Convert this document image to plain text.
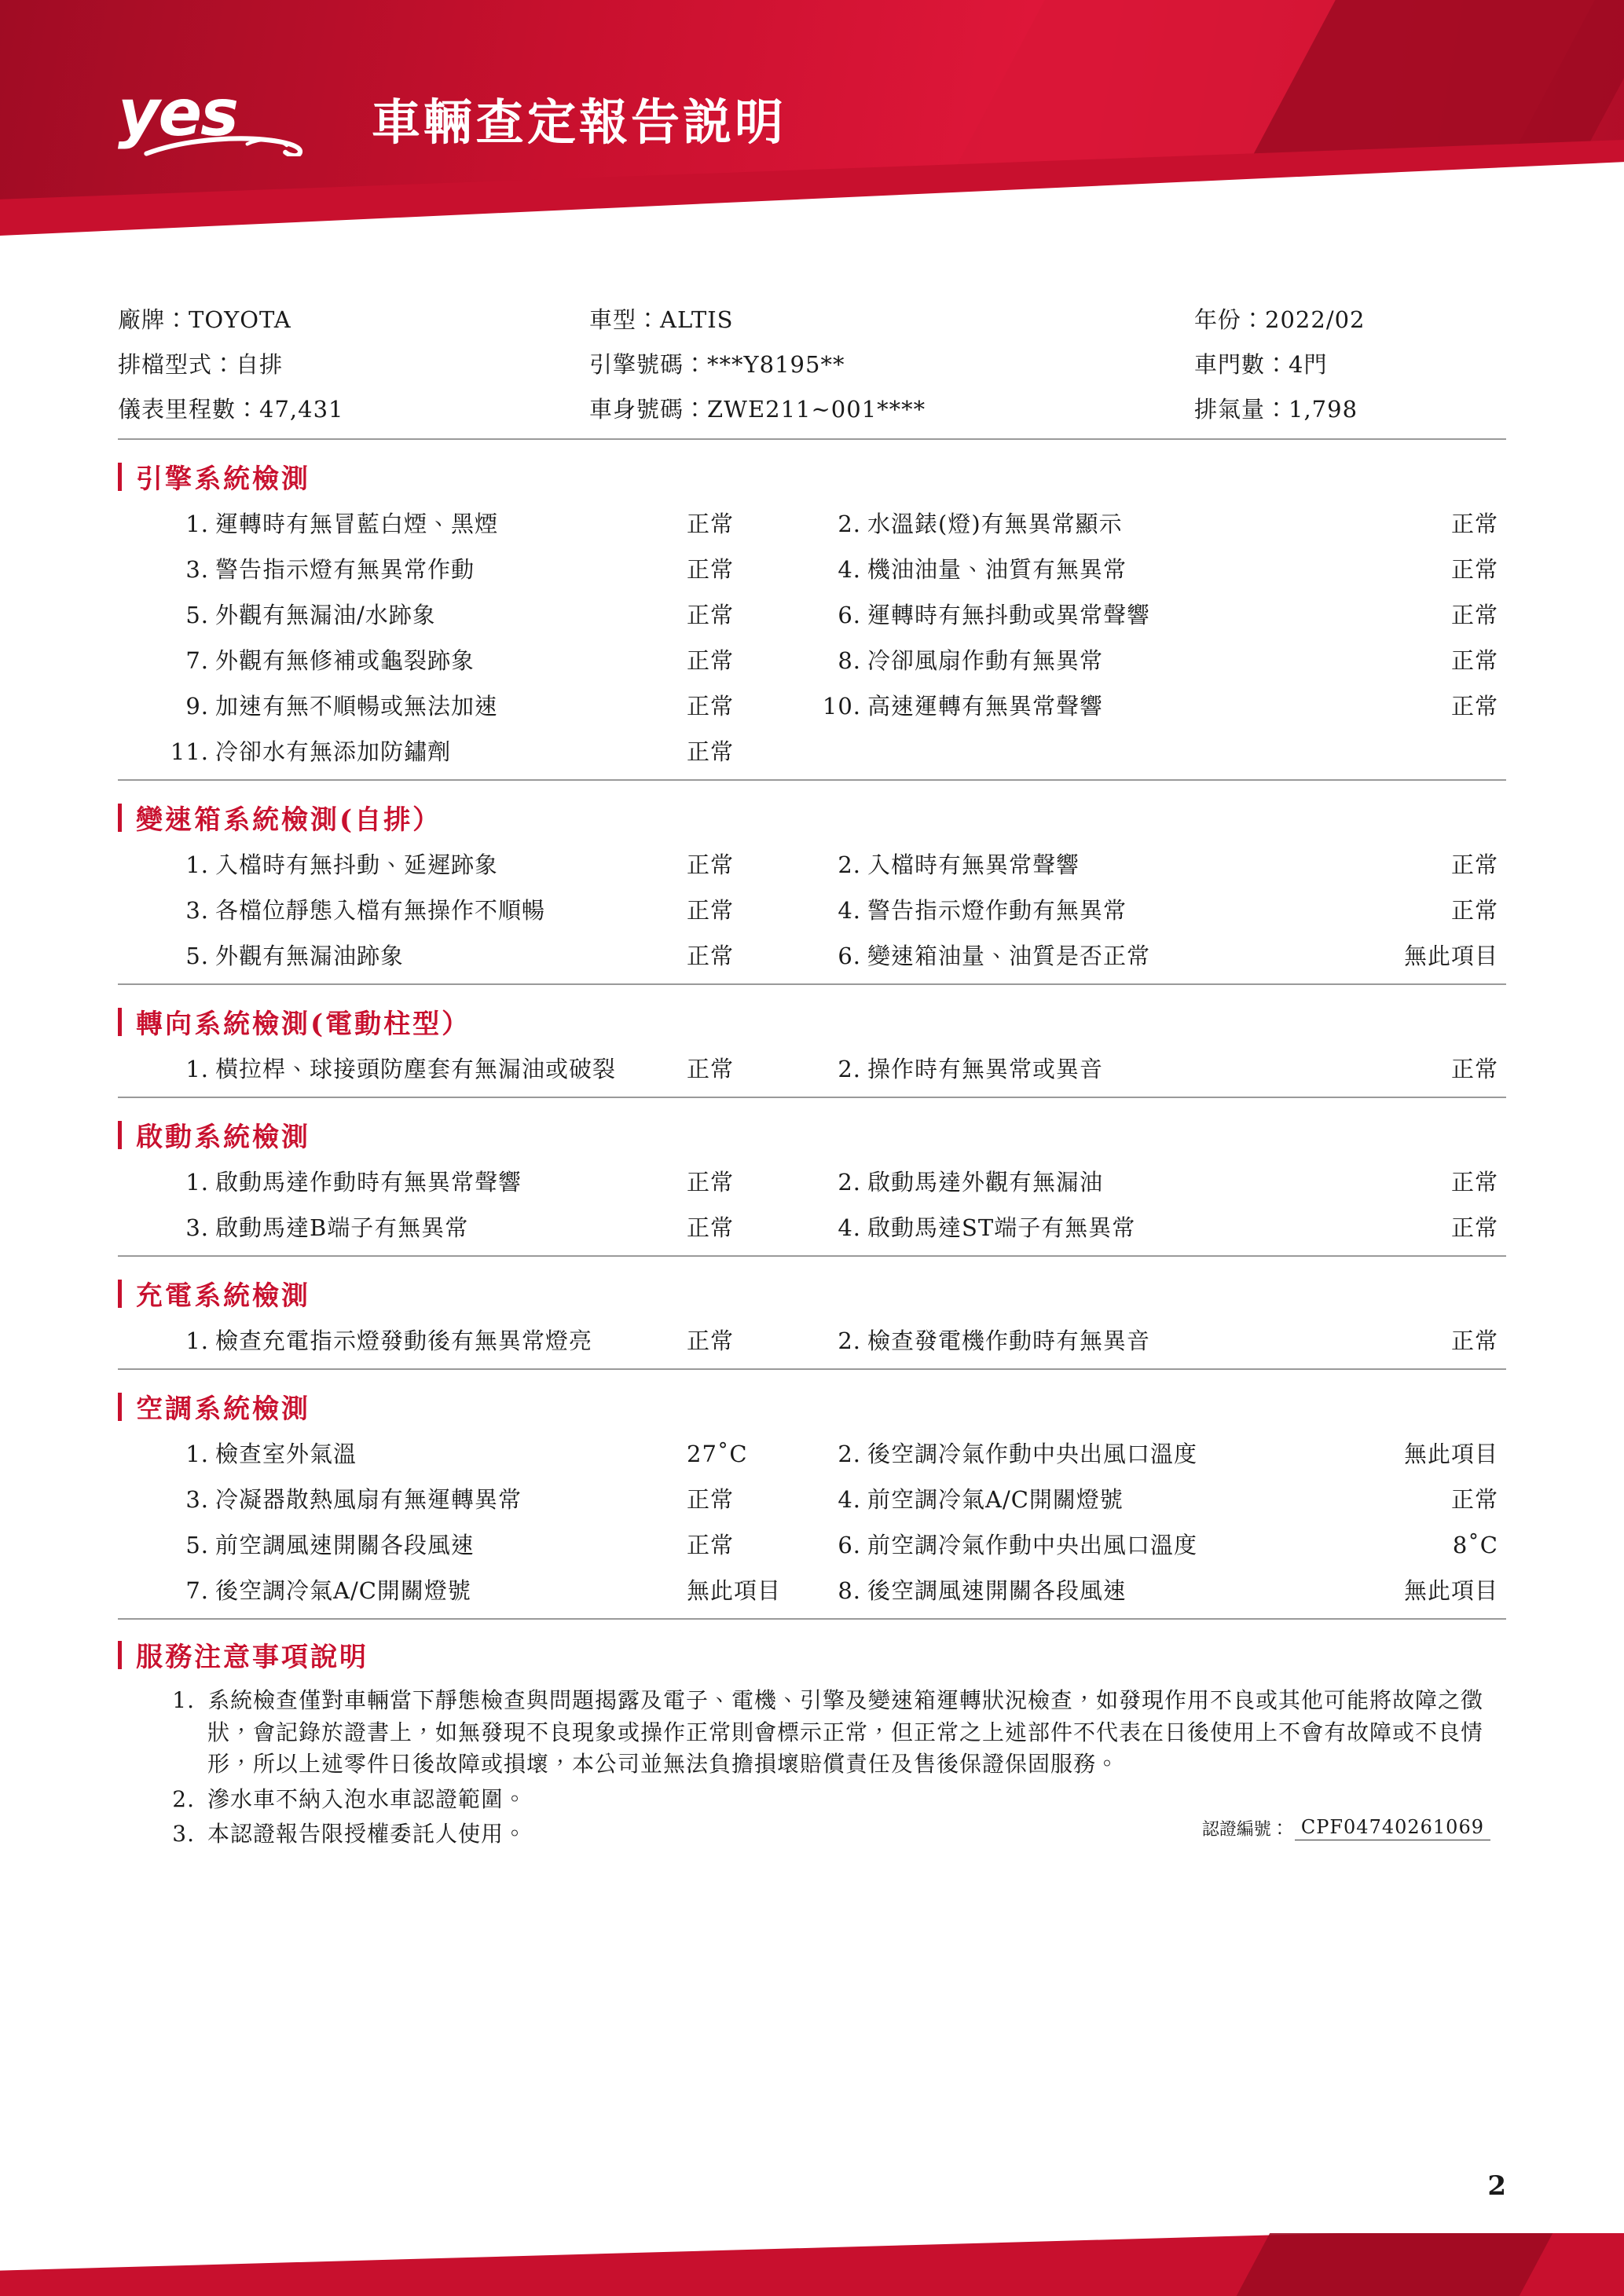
yes	車輛查定報告説明
廠牌：TOYOTA	車型：ALTIS	年份：2022/02
排檔型式：自排	引擎號碼：***Y8195**	車門數：4門
儀表里程數：47,431	車身號碼：ZWE211~001****	排氣量：1,798
引擎系統檢測
1. 運轉時有無冒藍白煙、黑煙	正常	2. 水溫錶(燈)有無異常顯示	正常
3. 警告指示燈有無異常作動	正常	4. 機油油量、油質有無異常	正常
5. 外觀有無漏油/水跡象	正常	6. 運轉時有無抖動或異常聲響	正常
7. 外觀有無修補或龜裂跡象	正常	8. 冷卻風扇作動有無異常	正常
9. 加速有無不順暢或無法加速	正常	10. 高速運轉有無異常聲響	正常
11. 冷卻水有無添加防鏽劑	正常
變速箱系統檢測(自排）
1. 入檔時有無抖動、延遲跡象	正常	2. 入檔時有無異常聲響	正常
3. 各檔位靜態入檔有無操作不順暢	正常	4. 警告指示燈作動有無異常	正常
5. 外觀有無漏油跡象	正常	6. 變速箱油量、油質是否正常	無此項目
轉向系統檢測(電動柱型）
1. 橫拉桿、球接頭防塵套有無漏油或破裂	正常	2. 操作時有無異常或異音	正常
啟動系統檢測
1. 啟動馬達作動時有無異常聲響	正常	2. 啟動馬達外觀有無漏油	正常
3. 啟動馬達B端子有無異常	正常	4. 啟動馬達ST端子有無異常	正常
充電系統檢測
1. 檢查充電指示燈發動後有無異常燈亮	正常	2. 檢查發電機作動時有無異音	正常
空調系統檢測
1. 檢查室外氣溫	27˚C	2. 後空調冷氣作動中央出風口溫度	無此項目
3. 冷凝器散熱風扇有無運轉異常	正常	4. 前空調冷氣A/C開關燈號	正常
5. 前空調風速開關各段風速	正常	6. 前空調冷氣作動中央出風口溫度	8˚C
7. 後空調冷氣A/C開關燈號	無此項目	8. 後空調風速開關各段風速	無此項目
服務注意事項說明
1. 系統檢查僅對車輛當下靜態檢查與問題揭露及電子、電機、引擎及變速箱運轉狀況檢查，如發現作用不良或其他可能將故障之徵狀，會記錄於證書上，如無發現不良現象或操作正常則會標示正常，但正常之上述部件不代表在日後使用上不會有故障或不良情形，所以上述零件日後故障或損壞，本公司並無法負擔損壞賠償責任及售後保證保固服務。
2. 滲水車不納入泡水車認證範圍。
3. 本認證報告限授權委託人使用。	認證編號： CPF04740261069
2
